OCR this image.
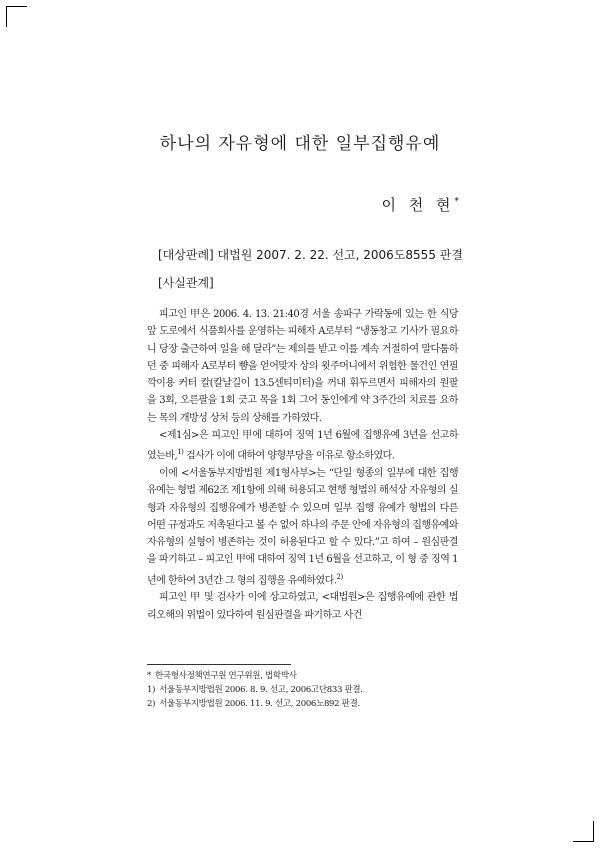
하나의 자유형에 대한 일부집행유예
이 천 현*
[대상판례] 대법원 2007. 2. 22. 선고, 2006도8555 판결
[사실관계]

피고인 甲은 2006. 4. 13. 21:40경 서울 송파구 가락동에 있는 한 식당 앞 도로에서 식품회사를 운영하는 피해자 A로부터 “냉동창고 기사가 필요하니 당장 출근하여 일을 해 달라”는 제의를 받고 이를 계속 거절하여 말다툼하던 중 피해자 A로부터 뺨을 얻어맞자 상의 윗주머니에서 위험한 물건인 연필깍이용 커터 칼(칼날길이 13.5센티미터)을 꺼내 휘두르면서 피해자의 원팔을 3회, 오른팔을 1회 긋고 목을 1회 그어 동인에게 약 3주간의 치료를 요하는 목의 개방성 상처 등의 상해를 가하였다.

<제1심>은 피고인 甲에 대하여 징역 1년 6월에 집행유예 3년을 선고하였는바,$^{1)}$ 검사가 이에 대하여 양형부당을 이유로 항소하였다.

이에 <서울동부지방법원 제1형사부>는 “단일 형종의 일부에 대한 집행유예는 형법 제62조 제1항에 의해 허용되고 현행 형법의 해석상 자유형의 실형과 자유형의 집행유예가 병존할 수 있으며 일부 집행 유예가 형법의 다른 어떤 규정과도 저촉된다고 볼 수 없어 하나의 주문 안에 자유형의 집행유예와 자유형의 실형이 병존하는 것이 허용된다고 할 수 있다.”고 하여 – 원심판결을 파기하고 – 피고인 甲에 대하여 징역 1년 6월을 선고하고, 이 형 중 징역 1년에 한하여 3년간 그 형의 집행을 유예하였다.$^{2)}$

피고인 甲 및 검사가 이에 상고하였고, <대법원>은 집행유예에 관한 법리오해의 위법이 있다하여 원심판결을 파기하고 사건

* 한국형사정책연구원 연구위원, 법학박사
1) 서울동부지방법원 2006. 8. 9. 선고, 2006고단833 판결.
2) 서울동부지방법원 2006. 11. 9. 선고, 2006노892 판결.
